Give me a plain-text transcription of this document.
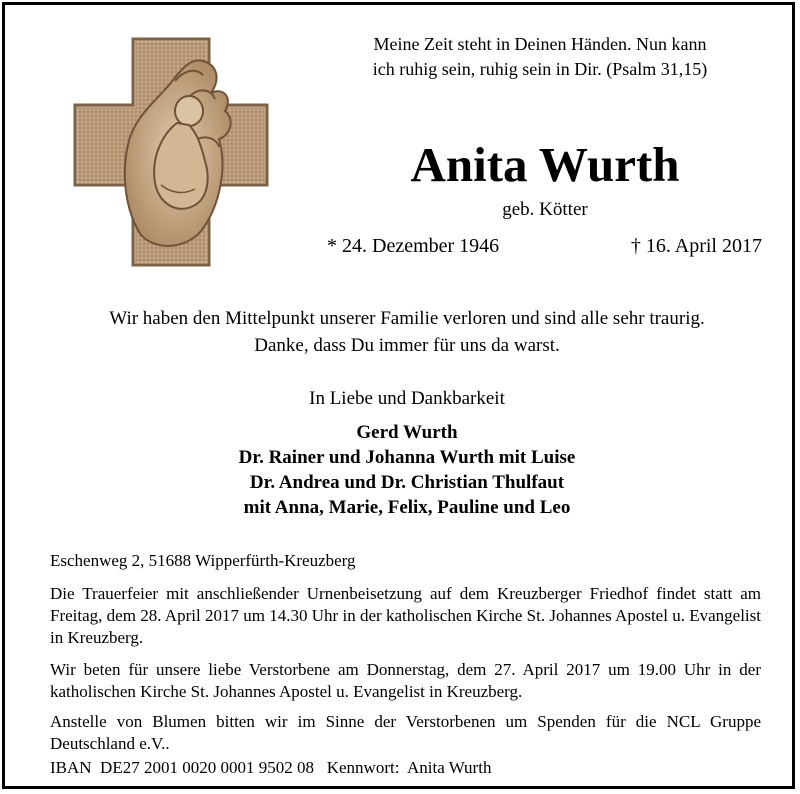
Meine Zeit steht in Deinen Händen. Nun kann
ich ruhig sein, ruhig sein in Dir. (Psalm 31,15)
Anita Wurth
geb. Kötter
* 24. Dezember 1946	† 16. April 2017
Wir haben den Mittelpunkt unserer Familie verloren und sind alle sehr traurig.
Danke, dass Du immer für uns da warst.
In Liebe und Dankbarkeit
Gerd Wurth
Dr. Rainer und Johanna Wurth mit Luise
Dr. Andrea und Dr. Christian Thulfaut
mit Anna, Marie, Felix, Pauline und Leo
Eschenweg 2, 51688 Wipperfürth-Kreuzberg
Die Trauerfeier mit anschließender Urnenbeisetzung auf dem Kreuzberger Friedhof findet statt am Freitag, dem 28. April 2017 um 14.30 Uhr in der katholischen Kirche St. Johannes Apostel u. Evangelist in Kreuzberg.
Wir beten für unsere liebe Verstorbene am Donnerstag, dem 27. April 2017 um 19.00 Uhr in der katholischen Kirche St. Johannes Apostel u. Evangelist in Kreuzberg.
Anstelle von Blumen bitten wir im Sinne der Verstorbenen um Spenden für die NCL Gruppe Deutschland e.V..
IBAN  DE27 2001 0020 0001 9502 08   Kennwort:  Anita Wurth
